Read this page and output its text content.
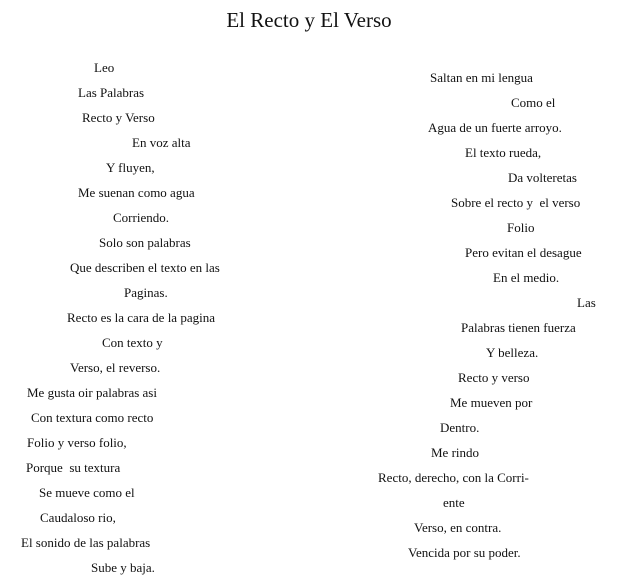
El Recto y El Verso
Leo
Las Palabras
Recto y Verso
En voz alta
Y fluyen,
Me suenan como agua
Corriendo.
Solo son palabras
Que describen el texto en las
Paginas.
Recto es la cara de la pagina
Con texto y
Verso, el reverso.
Me gusta oir palabras asi
Con textura como recto
Folio y verso folio,
Porque  su textura
Se mueve como el
Caudaloso rio,
El sonido de las palabras
Sube y baja.
Saltan en mi lengua
Como el
Agua de un fuerte arroyo.
El texto rueda,
Da volteretas
Sobre el recto y  el verso
Folio
Pero evitan el desague
En el medio.
Las
Palabras tienen fuerza
Y belleza.
Recto y verso
Me mueven por
Dentro.
Me rindo
Recto, derecho, con la Corri-
ente
Verso, en contra.
Vencida por su poder.
